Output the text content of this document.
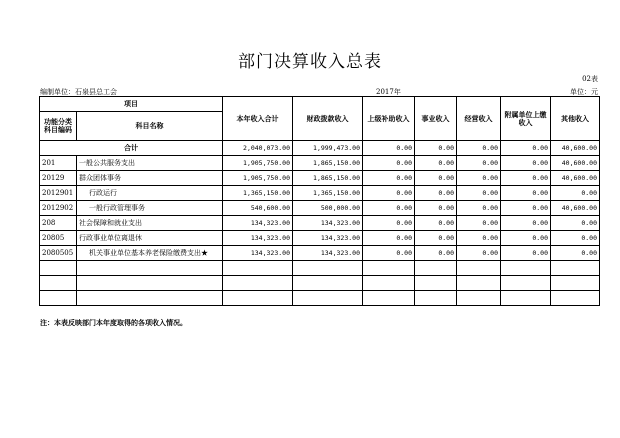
部门决算收入总表
02表
编制单位：石泉县总工会	2017年	单位：元
项目		本年收入合计	财政拨款收入	上级补助收入	事业收入	经营收入	附属单位上缴收入	其他收入
功能分类科目编码	科目名称							
合计		2,040,073.00	1,999,473.00	0.00	0.00	0.00	0.00	40,600.00
201	一般公共服务支出	1,905,750.00	1,865,150.00	0.00	0.00	0.00	0.00	40,600.00
20129	群众团体事务	1,905,750.00	1,865,150.00	0.00	0.00	0.00	0.00	40,600.00
2012901	行政运行	1,365,150.00	1,365,150.00	0.00	0.00	0.00	0.00	0.00
2012902	一般行政管理事务	540,600.00	500,000.00	0.00	0.00	0.00	0.00	40,600.00
208	社会保障和就业支出	134,323.00	134,323.00	0.00	0.00	0.00	0.00	0.00
20805	行政事业单位离退休	134,323.00	134,323.00	0.00	0.00	0.00	0.00	0.00
2080505	机关事业单位基本养老保险缴费支出★	134,323.00	134,323.00	0.00	0.00	0.00	0.00	0.00

注：本表反映部门本年度取得的各项收入情况。
